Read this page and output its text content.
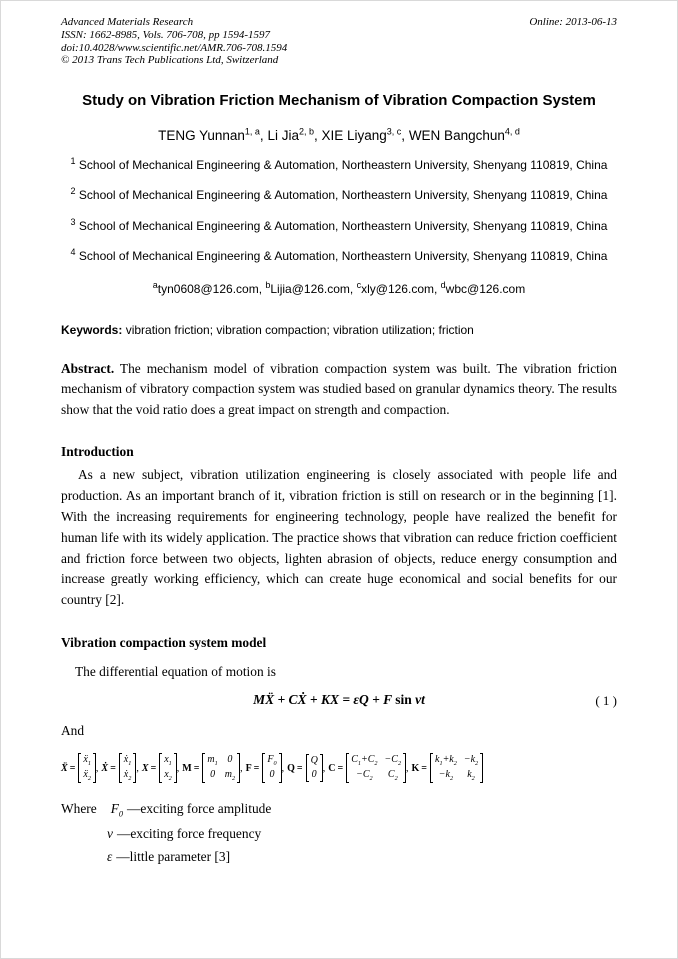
Advanced Materials Research
ISSN: 1662-8985, Vols. 706-708, pp 1594-1597
doi:10.4028/www.scientific.net/AMR.706-708.1594
© 2013 Trans Tech Publications Ltd, Switzerland
Online: 2013-06-13
Study on Vibration Friction Mechanism of Vibration Compaction System
TENG Yunnan$^{1, a}$, Li Jia$^{2, b}$, XIE Liyang$^{3, c}$, WEN Bangchun$^{4, d}$
$^1$ School of Mechanical Engineering & Automation, Northeastern University, Shenyang 110819, China
$^2$ School of Mechanical Engineering & Automation, Northeastern University, Shenyang 110819, China
$^3$ School of Mechanical Engineering & Automation, Northeastern University, Shenyang 110819, China
$^4$ School of Mechanical Engineering & Automation, Northeastern University, Shenyang 110819, China
$^a$tyn0608@126.com, $^b$Lijia@126.com, $^c$xly@126.com, $^d$wbc@126.com
Keywords: vibration friction; vibration compaction; vibration utilization; friction

Abstract. The mechanism model of vibration compaction system was built. The vibration friction mechanism of vibratory compaction system was studied based on granular dynamics theory. The results show that the void ratio does a great impact on strength and compaction.

Introduction

As a new subject, vibration utilization engineering is closely associated with people life and production. As an important branch of it, vibration friction is still on research or in the beginning [1]. With the increasing requirements for engineering technology, people have realized the benefit for human life with its widely application. The practice shows that vibration can reduce friction coefficient and friction force between two objects, lighten abrasion of objects, reduce energy consumption and increase greatly working efficiency, which can create huge economical and social benefits for our country [2].

Vibration compaction system model

The differential equation of motion is

MẌ + CẊ + KX = εQ + F sin νt	( 1 )
And
Ẍ = 
ẍ$_1$
ẍ$_2$
, Ẋ = 
ẋ$_1$
ẋ$_2$
, X = 
$x_1$
$x_2$
, M = 
$m_1$ 0
0 $m_2$
, F = 
$F_0$
0
, Q = 
Q
0
, C = 
$C_1+C_2 -C_2$
$-C_2$ $C_2$
, K = 
$k_1+k_2 -k_2$
$-k_2$ $k_2$
Where $F_0$ —exciting force amplitude
ν —exciting force frequency
ε —little parameter [3]
